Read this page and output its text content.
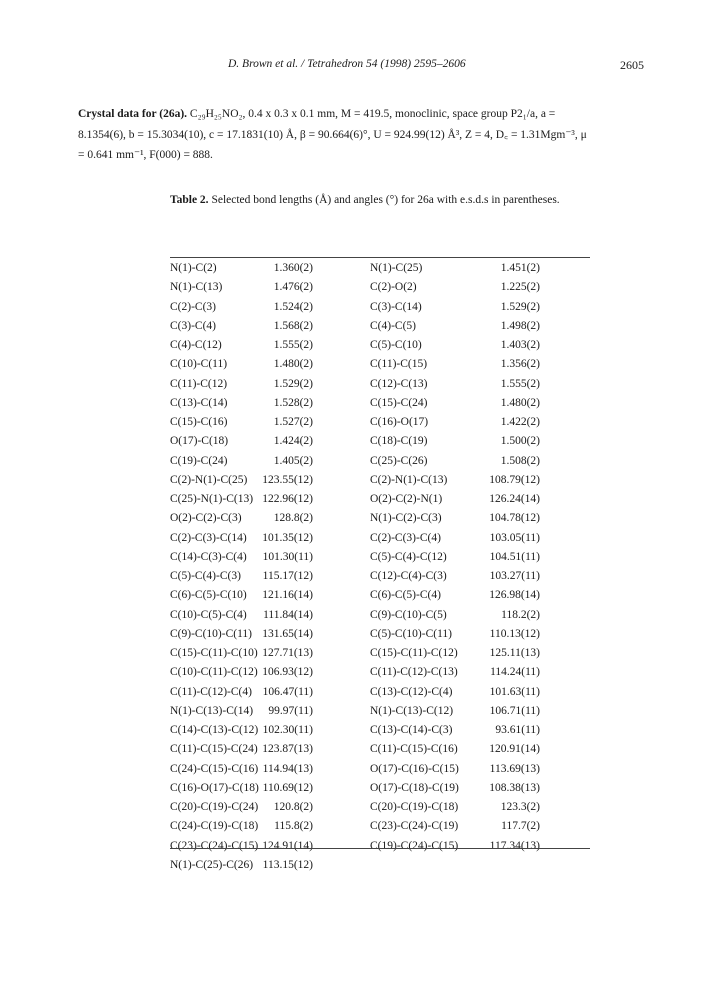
D. Brown et al. / Tetrahedron 54 (1998) 2595–2606	2605
Crystal data for (26a). C₂₉H₂₅NO₂, 0.4 x 0.3 x 0.1 mm, M = 419.5, monoclinic, space group P2₁/a, a =
8.1354(6), b = 15.3034(10), c = 17.1831(10) Å, β = 90.664(6)°, U = 924.99(12) Å³, Z = 4, D꜀ = 1.31Mgm⁻³, μ
= 0.641 mm⁻¹, F(000) = 888.
Table 2. Selected bond lengths (Å) and angles (°) for 26a with e.s.d.s in parentheses.
N(1)-C(2)	1.360(2)	N(1)-C(25)	1.451(2)
N(1)-C(13)	1.476(2)	C(2)-O(2)	1.225(2)
C(2)-C(3)	1.524(2)	C(3)-C(14)	1.529(2)
C(3)-C(4)	1.568(2)	C(4)-C(5)	1.498(2)
C(4)-C(12)	1.555(2)	C(5)-C(10)	1.403(2)
C(10)-C(11)	1.480(2)	C(11)-C(15)	1.356(2)
C(11)-C(12)	1.529(2)	C(12)-C(13)	1.555(2)
C(13)-C(14)	1.528(2)	C(15)-C(24)	1.480(2)
C(15)-C(16)	1.527(2)	C(16)-O(17)	1.422(2)
O(17)-C(18)	1.424(2)	C(18)-C(19)	1.500(2)
C(19)-C(24)	1.405(2)	C(25)-C(26)	1.508(2)
C(2)-N(1)-C(25) 123.55(12)	C(2)-N(1)-C(13)	108.79(12)
C(25)-N(1)-C(13) 122.96(12)	O(2)-C(2)-N(1)	126.24(14)
O(2)-C(2)-C(3)	128.8(2)	N(1)-C(2)-C(3)	104.78(12)
C(2)-C(3)-C(14) 101.35(12)	C(2)-C(3)-C(4)	103.05(11)
C(14)-C(3)-C(4) 101.30(11)	C(5)-C(4)-C(12)	104.51(11)
C(5)-C(4)-C(3) 115.17(12)	C(12)-C(4)-C(3)	103.27(11)
C(6)-C(5)-C(10) 121.16(14)	C(6)-C(5)-C(4)	126.98(14)
C(10)-C(5)-C(4) 111.84(14)	C(9)-C(10)-C(5)	118.2(2)
C(9)-C(10)-C(11) 131.65(14)	C(5)-C(10)-C(11)	110.13(12)
C(15)-C(11)-C(10) 127.71(13)	C(15)-C(11)-C(12)	125.11(13)
C(10)-C(11)-C(12) 106.93(12)	C(11)-C(12)-C(13)	114.24(11)
C(11)-C(12)-C(4) 106.47(11)	C(13)-C(12)-C(4)	101.63(11)
N(1)-C(13)-C(14) 99.97(11)	N(1)-C(13)-C(12)	106.71(11)
C(14)-C(13)-C(12) 102.30(11)	C(13)-C(14)-C(3)	93.61(11)
C(11)-C(15)-C(24) 123.87(13)	C(11)-C(15)-C(16)	120.91(14)
C(24)-C(15)-C(16) 114.94(13)	O(17)-C(16)-C(15)	113.69(13)
C(16)-O(17)-C(18) 110.69(12)	O(17)-C(18)-C(19)	108.38(13)
C(20)-C(19)-C(24) 120.8(2)	C(20)-C(19)-C(18)	123.3(2)
C(24)-C(19)-C(18) 115.8(2)	C(23)-C(24)-C(19)	117.7(2)
C(23)-C(24)-C(15) 124.91(14)	C(19)-C(24)-C(15)	117.34(13)
N(1)-C(25)-C(26) 113.15(12)
